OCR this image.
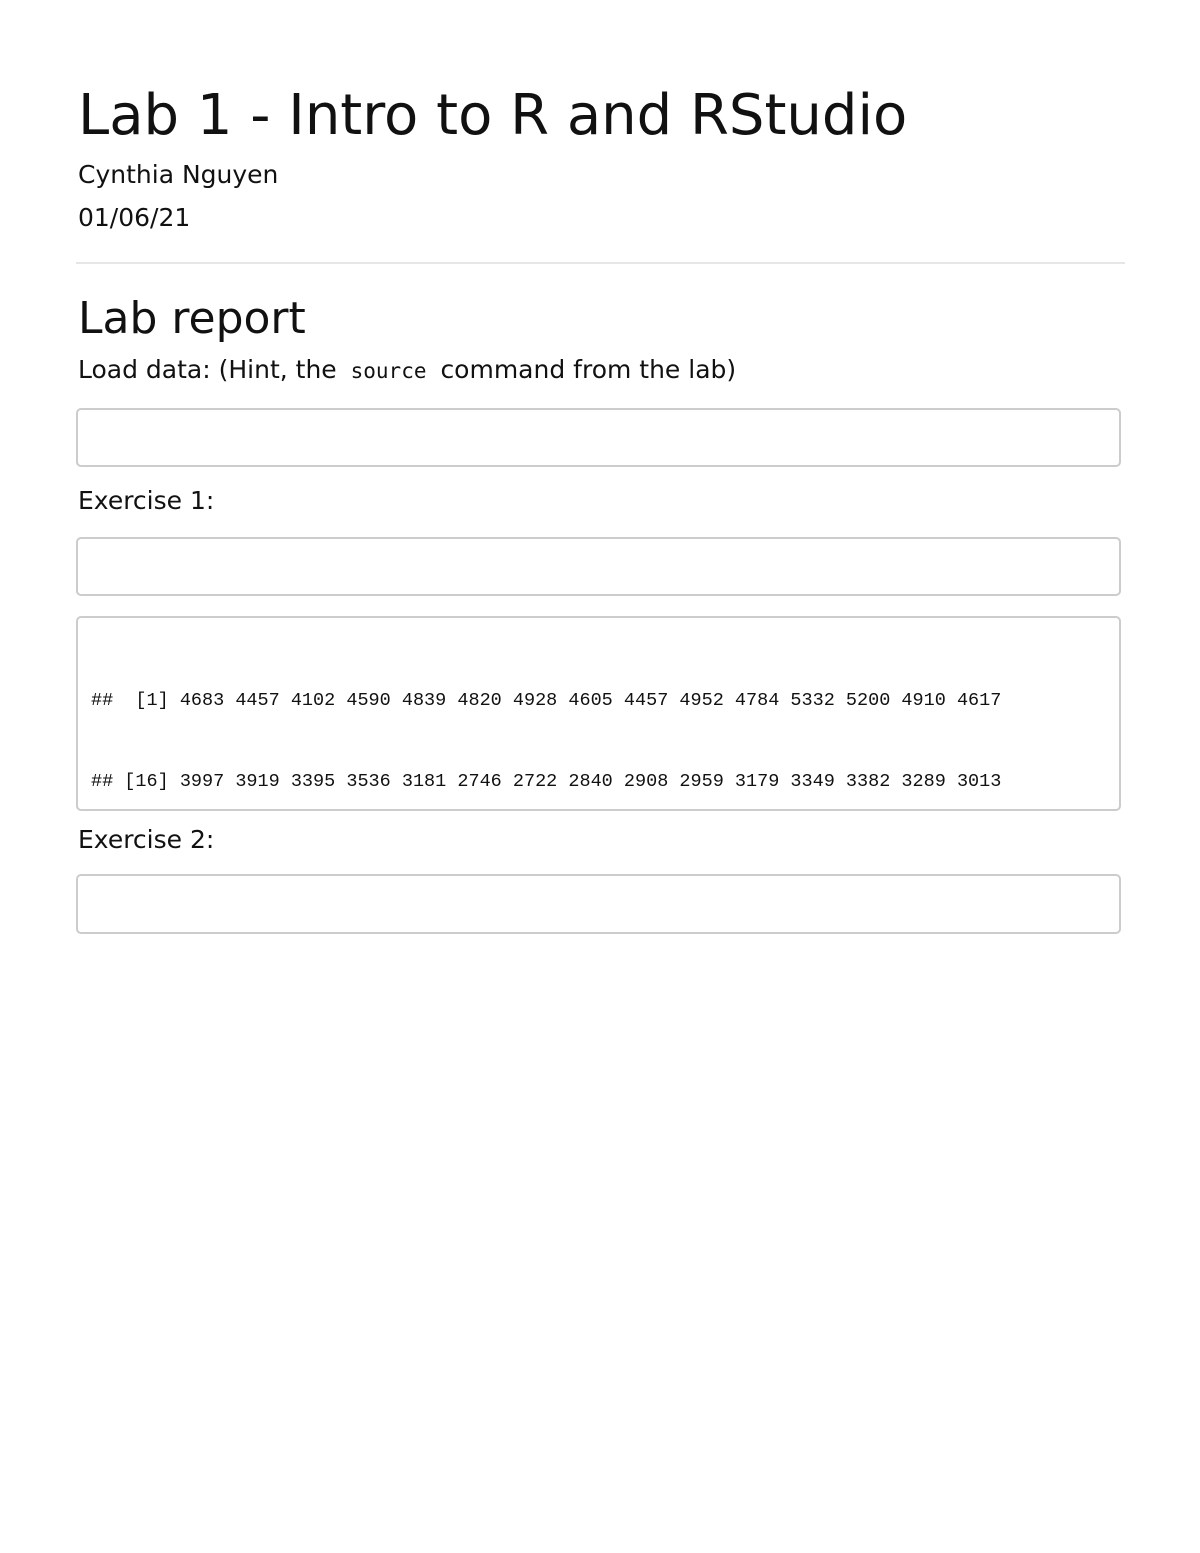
Lab 1 - Intro to R and RStudio
Cynthia Nguyen
01/06/21
Lab report
Load data: (Hint, the source command from the lab)

Exercise 1:

##  [1] 4683 4457 4102 4590 4839 4820 4928 4605 4457 4952 4784 5332 5200 4910 4617

## [16] 3997 3919 3395 3536 3181 2746 2722 2840 2908 2959 3179 3349 3382 3289 3013

Exercise 2:
